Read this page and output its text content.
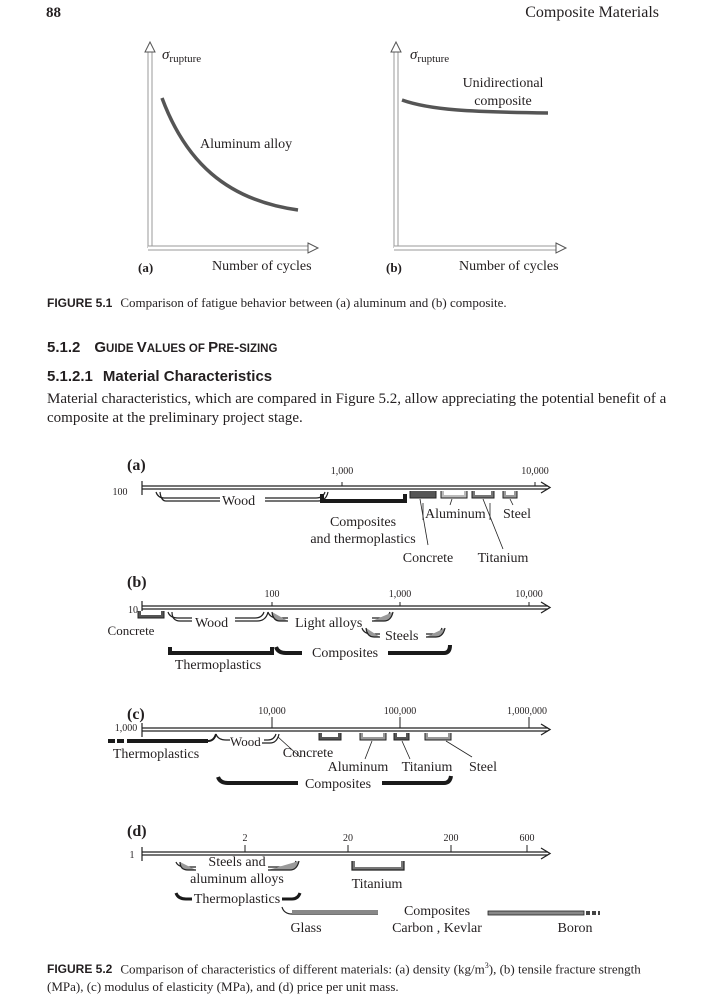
88	Composite Materials
$\sigma_{rupture}$
Aluminum alloy
(a)	Number of cycles
$\sigma_{rupture}$
Unidirectional
composite
(b)	Number of cycles
FIGURE 5.1 Comparison of fatigue behavior between (a) aluminum and (b) composite.
5.1.2 GUIDE VALUES OF PRE-SIZING
5.1.2.1 Material Characteristics
Material characteristics, which are compared in Figure 5.2, allow appreciating the potential benefit of a composite at the preliminary project stage.
(a)
100
1,000	10,000
Wood
Composites
and thermoplastics
Aluminum Steel
Concrete Titanium
(b)
10
100	1,000	10,000
Concrete	Wood	Light alloys
Steels
Thermoplastics
Composites
(c)
1,000
10,000	100,000	1,000,000
Thermoplastics
Wood
Concrete
Aluminum Titanium Steel
Composites
(d)
1
2	20	200	600
Steels and
aluminum alloys	Titanium
Thermoplastics
Glass
Composites
Carbon , Kevlar	Boron
FIGURE 5.2 Comparison of characteristics of different materials: (a) density $(kg/m^3)$, (b) tensile fracture strength (MPa), (c) modulus of elasticity (MPa), and (d) price per unit mass.
